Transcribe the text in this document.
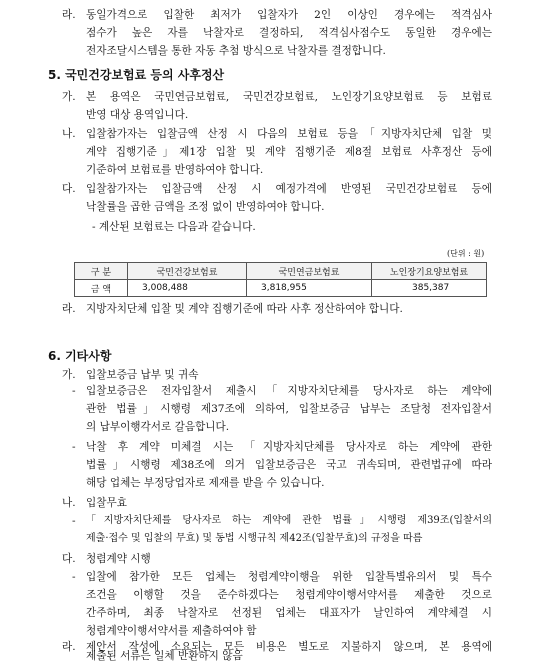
라. 동일가격으로 입찰한 최저가 입찰자가 2인 이상인 경우에는 적격심사
점수가 높은 자를 낙찰자로 결정하되, 적격심사점수도 동일한 경우에는
전자조달시스템을 통한 자동 추첨 방식으로 낙찰자를 결정합니다.
5. 국민건강보험료 등의 사후정산
가. 본 용역은 국민연금보험료, 국민건강보험료, 노인장기요양보험료 등 보험료
반영 대상 용역입니다.
나. 입찰참가자는 입찰금액 산정 시 다음의 보험료 등을「지방자치단체 입찰 및
계약 집행기준」제1장 입찰 및 계약 집행기준 제8절 보험료 사후정산 등에
기준하여 보험료를 반영하여야 합니다.
다. 입찰참가자는 입찰금액 산정 시 예정가격에 반영된 국민건강보험료 등에
낙찰률을 곱한 금액을 조정 없이 반영하여야 합니다.
- 계산된 보험료는 다음과 같습니다.
(단위 : 원)
구 분	국민건강보험료	국민연금보험료	노인장기요양보험료
금 액	3,008,488	3,818,955	385,387
라. 지방자치단체 입찰 및 계약 집행기준에 따라 사후 정산하여야 합니다.
6. 기타사항
가. 입찰보증금 납부 및 귀속
- 입찰보증금은 전자입찰서 제출시「지방자치단체를 당사자로 하는 계약에
관한 법률」시행령 제37조에 의하여, 입찰보증금 납부는 조달청 전자입찰서
의 납부이행각서로 갈음합니다.
- 낙찰 후 계약 미체결 시는 「지방자치단체를 당사자로 하는 계약에 관한
법률」시행령 제38조에 의거 입찰보증금은 국고 귀속되며, 관련법규에 따라
해당 업체는 부정당업자로 제재를 받을 수 있습니다.
나. 입찰무효
-	「지방자치단체를 당사자로 하는 계약에 관한 법률」시행령 제39조(입찰서의
제출·접수 및 입찰의 무효) 및 동법 시행규칙 제42조(입찰무효)의 규정을 따름
다. 청렴계약 시행
- 입찰에 참가한 모든 업체는 청렴계약이행을 위한 입찰특별유의서 및 특수
조건을 이행할 것을 준수하겠다는 청렴계약이행서약서를 제출한 것으로
간주하며, 최종 낙찰자로 선정된 업체는 대표자가 날인하여 계약체결 시
청렴계약이행서약서를 제출하여야 함
라. 제안서 작성에 소요되는 모든 비용은 별도로 지불하지 않으며, 본 용역에
제출된 서류는 일체 반환하지 않음
